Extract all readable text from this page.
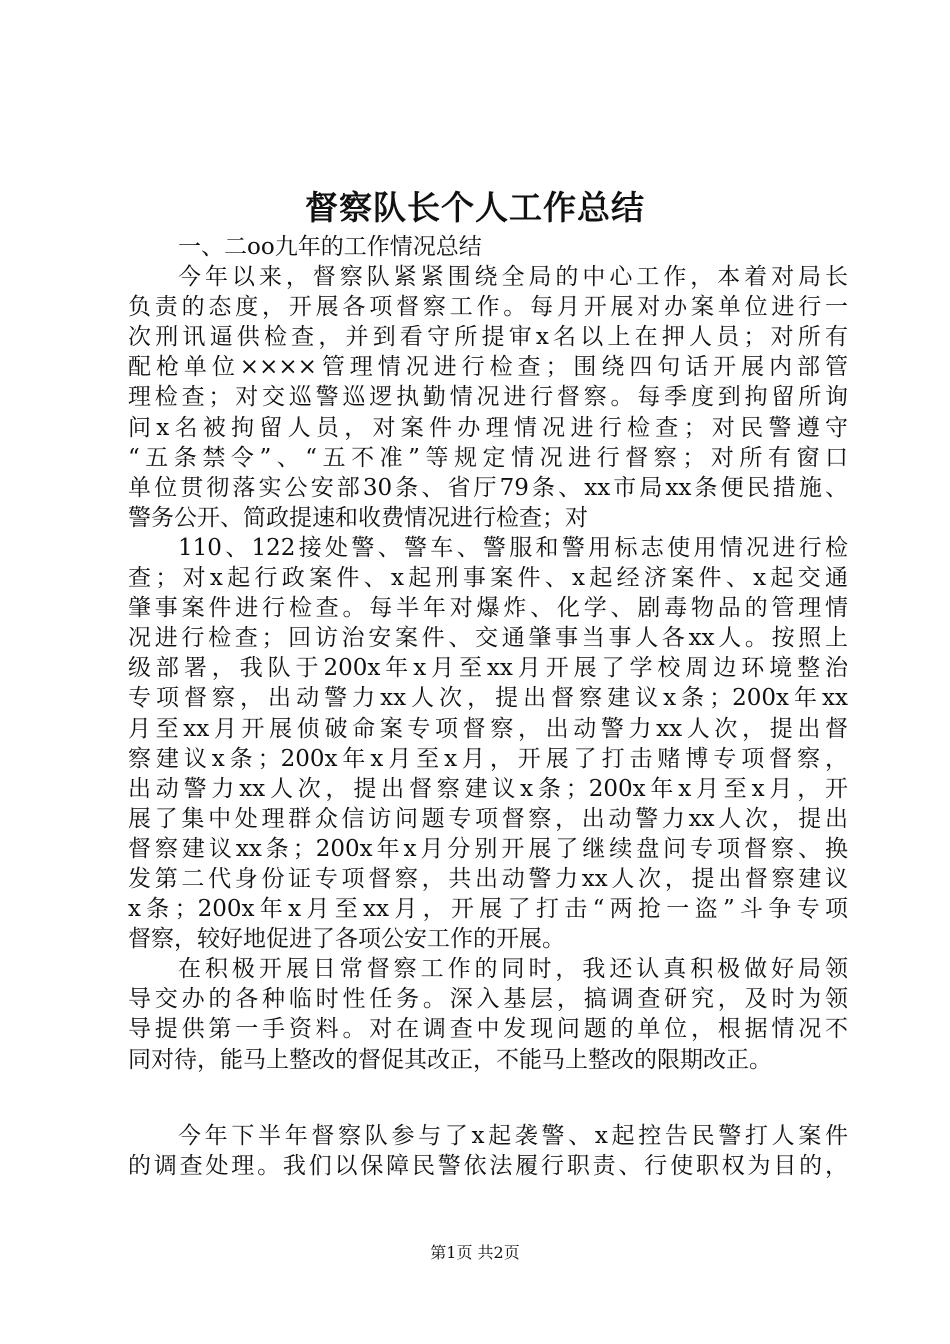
督察队长个人工作总结
一、二oo九年的工作情况总结
今年以来，督察队紧紧围绕全局的中心工作，本着对局长
负责的态度，开展各项督察工作。每月开展对办案单位进行一
次刑讯逼供检查，并到看守所提审x名以上在押人员；对所有
配枪单位××××管理情况进行检查；围绕四句话开展内部管
理检查；对交巡警巡逻执勤情况进行督察。每季度到拘留所询
问x名被拘留人员，对案件办理情况进行检查；对民警遵守
“五条禁令”、“五不准”等规定情况进行督察；对所有窗口
单位贯彻落实公安部30条、省厅79条、xx市局xx条便民措施、
警务公开、简政提速和收费情况进行检查；对
110、122接处警、警车、警服和警用标志使用情况进行检
查；对x起行政案件、x起刑事案件、x起经济案件、x起交通
肇事案件进行检查。每半年对爆炸、化学、剧毒物品的管理情
况进行检查；回访治安案件、交通肇事当事人各xx人。按照上
级部署，我队于200x年x月至xx月开展了学校周边环境整治
专项督察，出动警力xx人次，提出督察建议x条；200x年xx
月至xx月开展侦破命案专项督察，出动警力xx人次，提出督
察建议x条；200x年x月至x月，开展了打击赌博专项督察，
出动警力xx人次，提出督察建议x条；200x年x月至x月，开
展了集中处理群众信访问题专项督察，出动警力xx人次，提出
督察建议xx条；200x年x月分别开展了继续盘问专项督察、换
发第二代身份证专项督察，共出动警力xx人次，提出督察建议
x条；200x年x月至xx月，开展了打击“两抢一盗”斗争专项
督察，较好地促进了各项公安工作的开展。
在积极开展日常督察工作的同时，我还认真积极做好局领
导交办的各种临时性任务。深入基层，搞调查研究，及时为领
导提供第一手资料。对在调查中发现问题的单位，根据情况不
同对待，能马上整改的督促其改正，不能马上整改的限期改正。
今年下半年督察队参与了x起袭警、x起控告民警打人案件
的调查处理。我们以保障民警依法履行职责、行使职权为目的，
第1页 共2页
